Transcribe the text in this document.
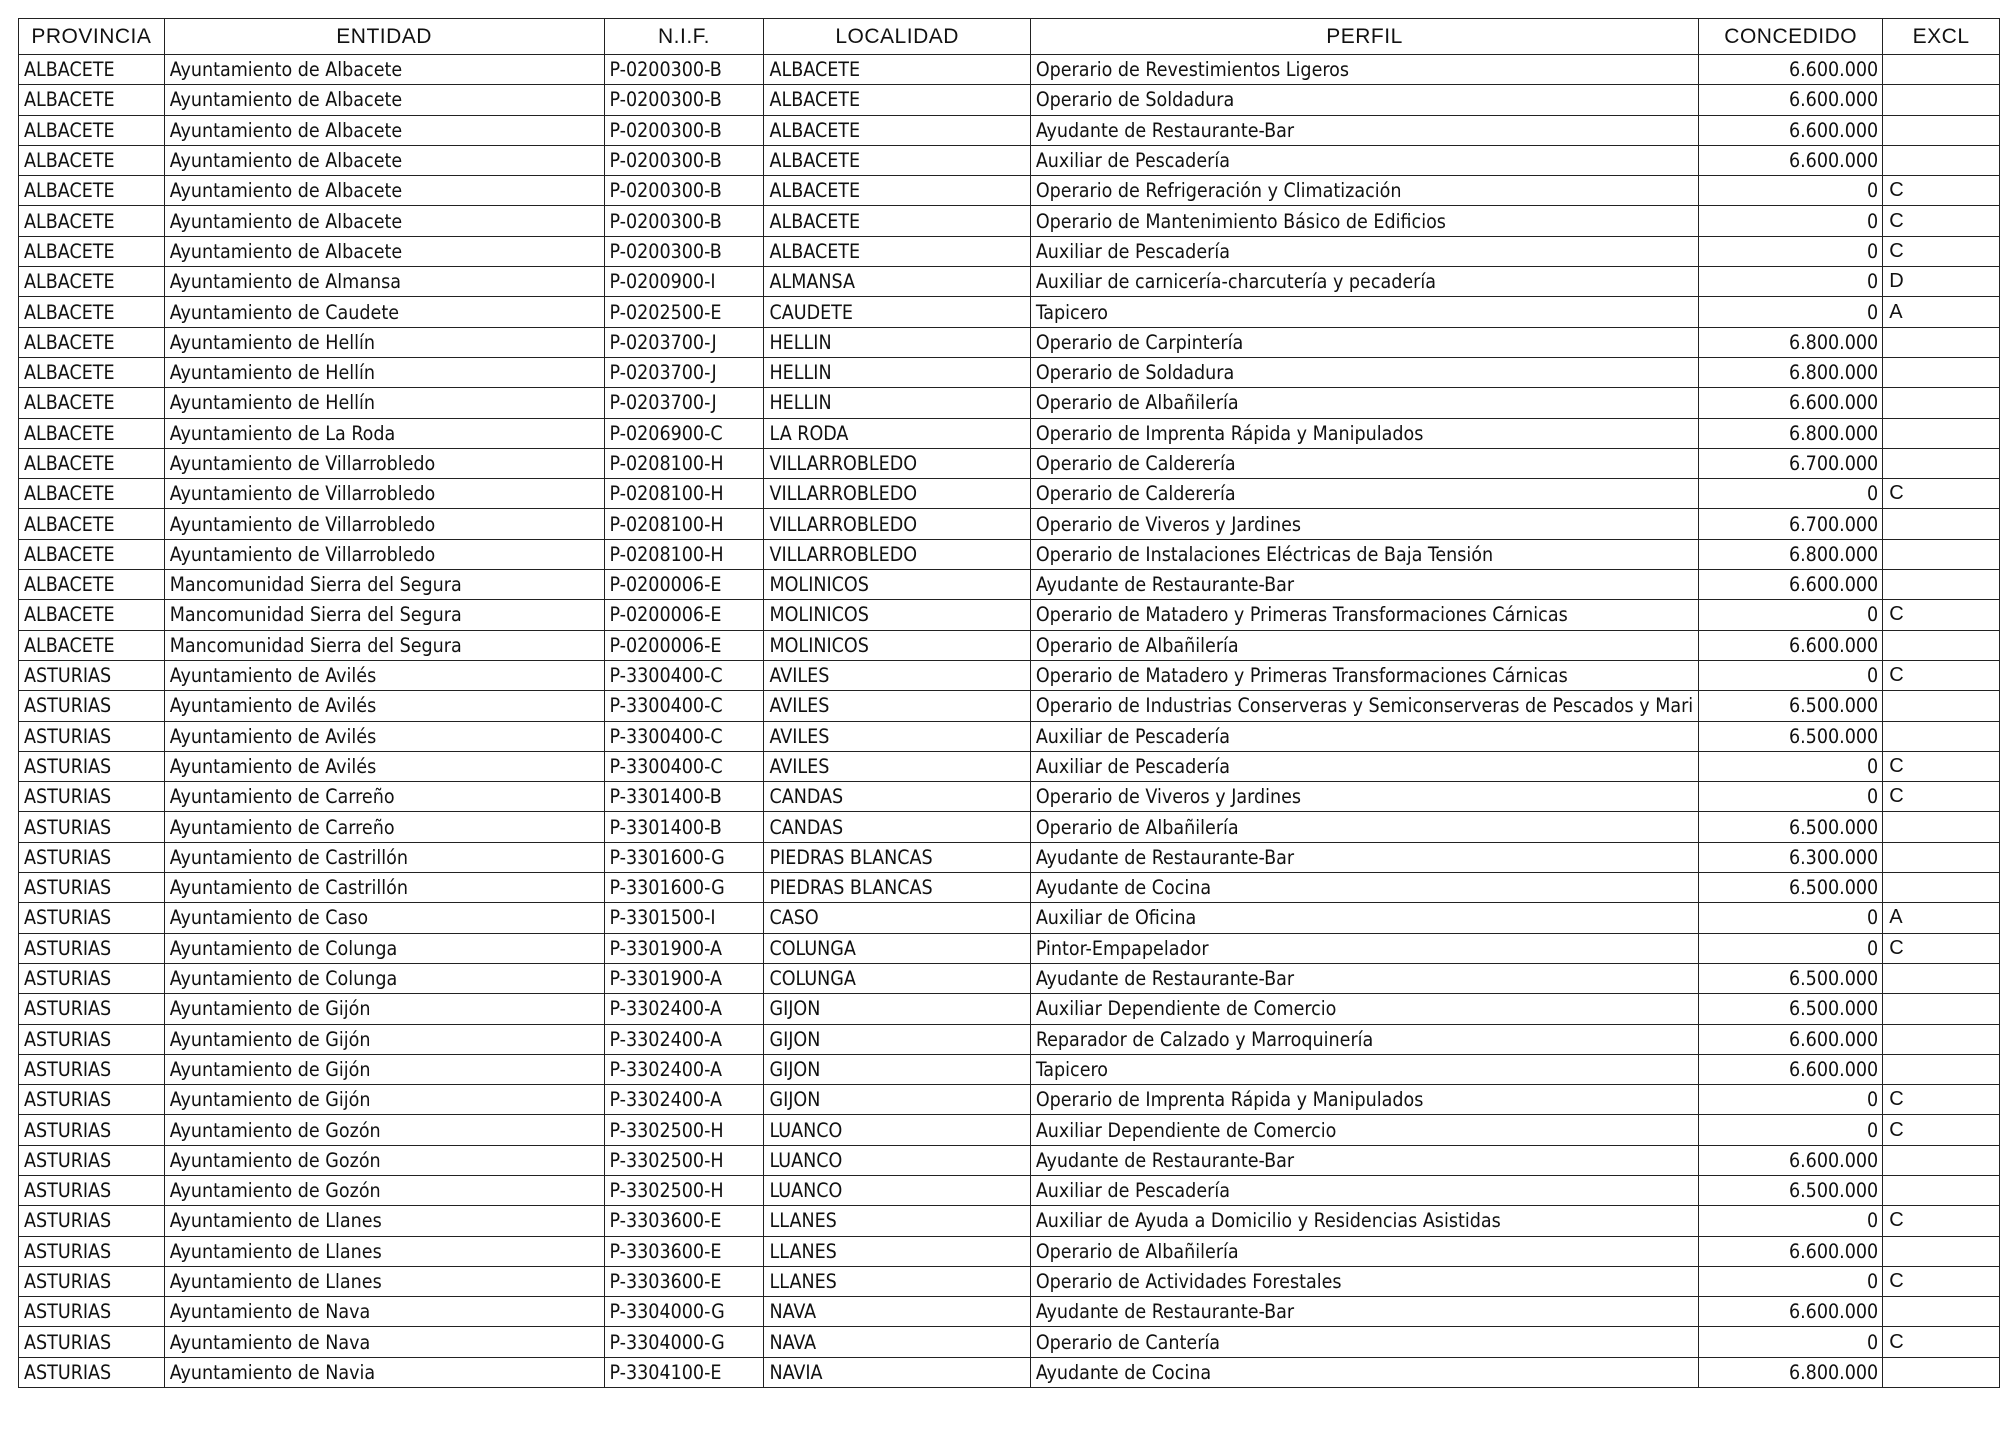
PROVINCIA	ENTIDAD	N.I.F.	LOCALIDAD	PERFIL	CONCEDIDO	EXCL
ALBACETE	Ayuntamiento de Albacete	P-0200300-B	ALBACETE	Operario de Revestimientos Ligeros	6.600.000	
ALBACETE	Ayuntamiento de Albacete	P-0200300-B	ALBACETE	Operario de Soldadura	6.600.000	
ALBACETE	Ayuntamiento de Albacete	P-0200300-B	ALBACETE	Ayudante de Restaurante-Bar	6.600.000	
ALBACETE	Ayuntamiento de Albacete	P-0200300-B	ALBACETE	Auxiliar de Pescadería	6.600.000	
ALBACETE	Ayuntamiento de Albacete	P-0200300-B	ALBACETE	Operario de Refrigeración y Climatización	0	C
ALBACETE	Ayuntamiento de Albacete	P-0200300-B	ALBACETE	Operario de Mantenimiento Básico de Edificios	0	C
ALBACETE	Ayuntamiento de Albacete	P-0200300-B	ALBACETE	Auxiliar de Pescadería	0	C
ALBACETE	Ayuntamiento de Almansa	P-0200900-I	ALMANSA	Auxiliar de carnicería-charcutería y pecadería	0	D
ALBACETE	Ayuntamiento de Caudete	P-0202500-E	CAUDETE	Tapicero	0	A
ALBACETE	Ayuntamiento de Hellín	P-0203700-J	HELLIN	Operario de Carpintería	6.800.000	
ALBACETE	Ayuntamiento de Hellín	P-0203700-J	HELLIN	Operario de Soldadura	6.800.000	
ALBACETE	Ayuntamiento de Hellín	P-0203700-J	HELLIN	Operario de Albañilería	6.600.000	
ALBACETE	Ayuntamiento de La Roda	P-0206900-C	LA RODA	Operario de Imprenta Rápida y Manipulados	6.800.000	
ALBACETE	Ayuntamiento de Villarrobledo	P-0208100-H	VILLARROBLEDO	Operario de Calderería	6.700.000	
ALBACETE	Ayuntamiento de Villarrobledo	P-0208100-H	VILLARROBLEDO	Operario de Calderería	0	C
ALBACETE	Ayuntamiento de Villarrobledo	P-0208100-H	VILLARROBLEDO	Operario de Viveros y Jardines	6.700.000	
ALBACETE	Ayuntamiento de Villarrobledo	P-0208100-H	VILLARROBLEDO	Operario de Instalaciones Eléctricas de Baja Tensión	6.800.000	
ALBACETE	Mancomunidad Sierra del Segura	P-0200006-E	MOLINICOS	Ayudante de Restaurante-Bar	6.600.000	
ALBACETE	Mancomunidad Sierra del Segura	P-0200006-E	MOLINICOS	Operario de Matadero y Primeras Transformaciones Cárnicas	0	C
ALBACETE	Mancomunidad Sierra del Segura	P-0200006-E	MOLINICOS	Operario de Albañilería	6.600.000	
ASTURIAS	Ayuntamiento de Avilés	P-3300400-C	AVILES	Operario de Matadero y Primeras Transformaciones Cárnicas	0	C
ASTURIAS	Ayuntamiento de Avilés	P-3300400-C	AVILES	Operario de Industrias Conserveras y Semiconserveras de Pescados y Mari	6.500.000	
ASTURIAS	Ayuntamiento de Avilés	P-3300400-C	AVILES	Auxiliar de Pescadería	6.500.000	
ASTURIAS	Ayuntamiento de Avilés	P-3300400-C	AVILES	Auxiliar de Pescadería	0	C
ASTURIAS	Ayuntamiento de Carreño	P-3301400-B	CANDAS	Operario de Viveros y Jardines	0	C
ASTURIAS	Ayuntamiento de Carreño	P-3301400-B	CANDAS	Operario de Albañilería	6.500.000	
ASTURIAS	Ayuntamiento de Castrillón	P-3301600-G	PIEDRAS BLANCAS	Ayudante de Restaurante-Bar	6.300.000	
ASTURIAS	Ayuntamiento de Castrillón	P-3301600-G	PIEDRAS BLANCAS	Ayudante de Cocina	6.500.000	
ASTURIAS	Ayuntamiento de Caso	P-3301500-I	CASO	Auxiliar de Oficina	0	A
ASTURIAS	Ayuntamiento de Colunga	P-3301900-A	COLUNGA	Pintor-Empapelador	0	C
ASTURIAS	Ayuntamiento de Colunga	P-3301900-A	COLUNGA	Ayudante de Restaurante-Bar	6.500.000	
ASTURIAS	Ayuntamiento de Gijón	P-3302400-A	GIJON	Auxiliar Dependiente de Comercio	6.500.000	
ASTURIAS	Ayuntamiento de Gijón	P-3302400-A	GIJON	Reparador de Calzado y Marroquinería	6.600.000	
ASTURIAS	Ayuntamiento de Gijón	P-3302400-A	GIJON	Tapicero	6.600.000	
ASTURIAS	Ayuntamiento de Gijón	P-3302400-A	GIJON	Operario de Imprenta Rápida y Manipulados	0	C
ASTURIAS	Ayuntamiento de Gozón	P-3302500-H	LUANCO	Auxiliar Dependiente de Comercio	0	C
ASTURIAS	Ayuntamiento de Gozón	P-3302500-H	LUANCO	Ayudante de Restaurante-Bar	6.600.000	
ASTURIAS	Ayuntamiento de Gozón	P-3302500-H	LUANCO	Auxiliar de Pescadería	6.500.000	
ASTURIAS	Ayuntamiento de Llanes	P-3303600-E	LLANES	Auxiliar de Ayuda a Domicilio y Residencias Asistidas	0	C
ASTURIAS	Ayuntamiento de Llanes	P-3303600-E	LLANES	Operario de Albañilería	6.600.000	
ASTURIAS	Ayuntamiento de Llanes	P-3303600-E	LLANES	Operario de Actividades Forestales	0	C
ASTURIAS	Ayuntamiento de Nava	P-3304000-G	NAVA	Ayudante de Restaurante-Bar	6.600.000	
ASTURIAS	Ayuntamiento de Nava	P-3304000-G	NAVA	Operario de Cantería	0	C
ASTURIAS	Ayuntamiento de Navia	P-3304100-E	NAVIA	Ayudante de Cocina	6.800.000	
